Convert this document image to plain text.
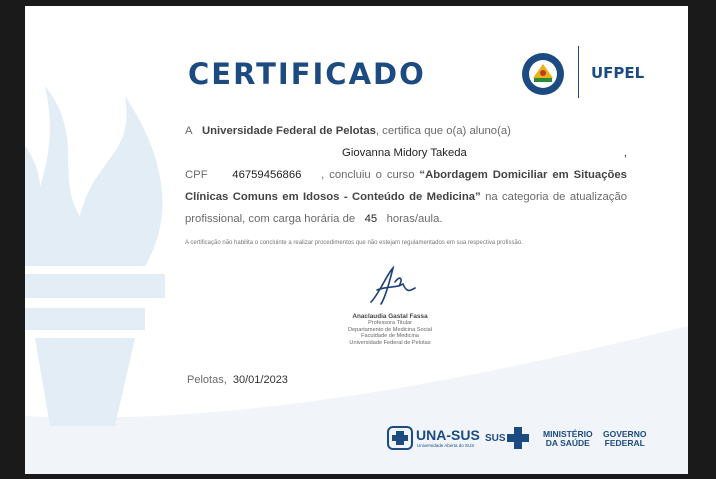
CERTIFICADO	UFPEL
A Universidade Federal de Pelotas, certifica que o(a) aluno(a)
Giovanna Midory Takeda	,
CPF 46759456866 , concluiu o curso “Abordagem Domiciliar em Situações Clínicas Comuns em Idosos - Conteúdo de Medicina” na categoria de atualização profissional, com carga horária de 45 horas/aula.
A certificação não habilita o concluinte a realizar procedimentos que não estejam regulamentados em sua respectiva profissão.
Anaclaudia Gastal Fassa
Professora Titular
Departamento de Medicina Social
Faculdade de Medicina
Universidade Federal de Pelotas
Pelotas, 30/01/2023
UNA-SUS
Universidade Aberta do SUS
SUS	MINISTÉRIO
DA SAÚDE
GOVERNO
FEDERAL
